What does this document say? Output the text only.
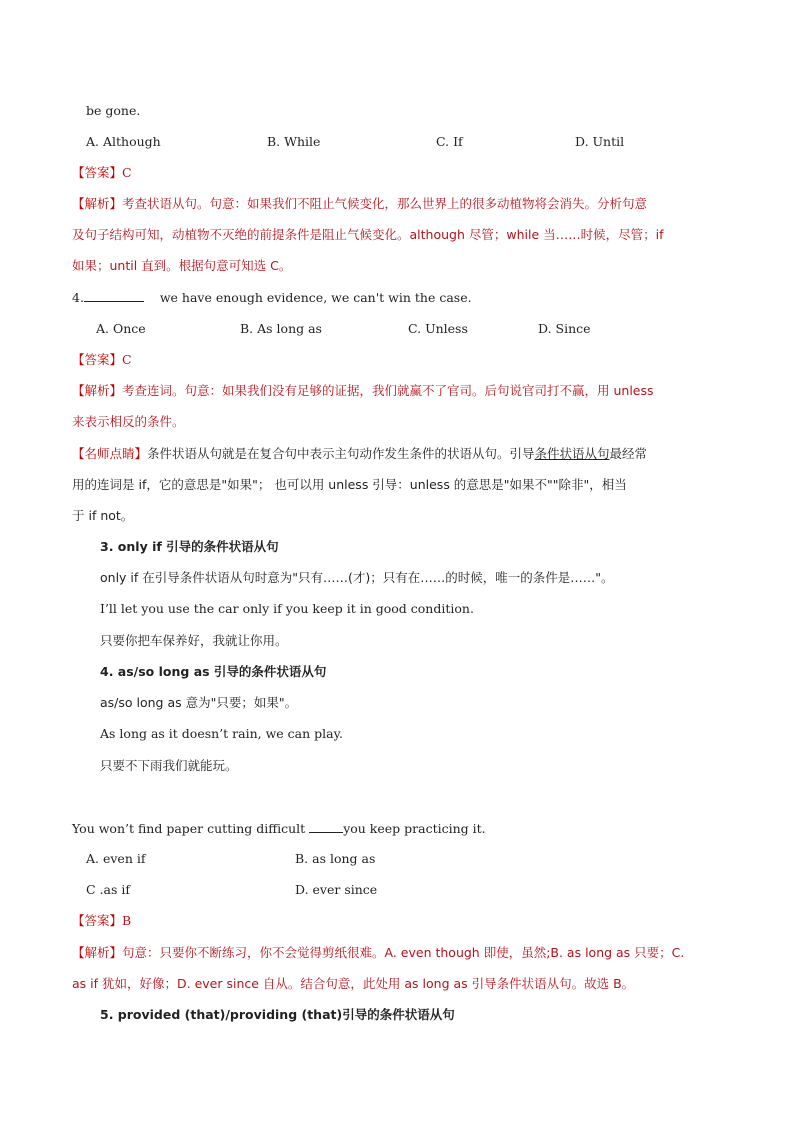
be gone.
A. Although	B. While	C. If	D. Until
【答案】C
【解析】考查状语从句。句意：如果我们不阻止气候变化，那么世界上的很多动植物将会消失。分析句意
及句子结构可知，动植物不灭绝的前提条件是阻止气候变化。although 尽管；while 当……时候，尽管；if
如果；until 直到。根据句意可知选 C。
4.	we have enough evidence, we can't win the case.
A. Once	B. As long as	C. Unless	D. Since
【答案】C
【解析】考查连词。句意：如果我们没有足够的证据，我们就赢不了官司。后句说官司打不赢，用 unless
来表示相反的条件。
【名师点睛】条件状语从句就是在复合句中表示主句动作发生条件的状语从句。引导条件状语从句最经常
用的连词是 if，它的意思是"如果"； 也可以用 unless 引导：unless 的意思是"如果不""除非"，相当
于 if not。
3. only if 引导的条件状语从句
only if 在引导条件状语从句时意为"只有……(才)；只有在……的时候，唯一的条件是……"。
I’ll let you use the car only if you keep it in good condition.
只要你把车保养好，我就让你用。
4. as/so long as 引导的条件状语从句
as/so long as 意为"只要；如果"。
As long as it doesn’t rain, we can play.
只要不下雨我们就能玩。
You won’t find paper cutting difficult	you keep practicing it.
A. even if	B. as long as
C .as if	D. ever since
【答案】B
【解析】句意：只要你不断练习，你不会觉得剪纸很难。A. even though 即使，虽然;B. as long as 只要；C.
as if 犹如，好像；D. ever since 自从。结合句意，此处用 as long as 引导条件状语从句。故选 B。
5. provided (that)/providing (that)引导的条件状语从句
